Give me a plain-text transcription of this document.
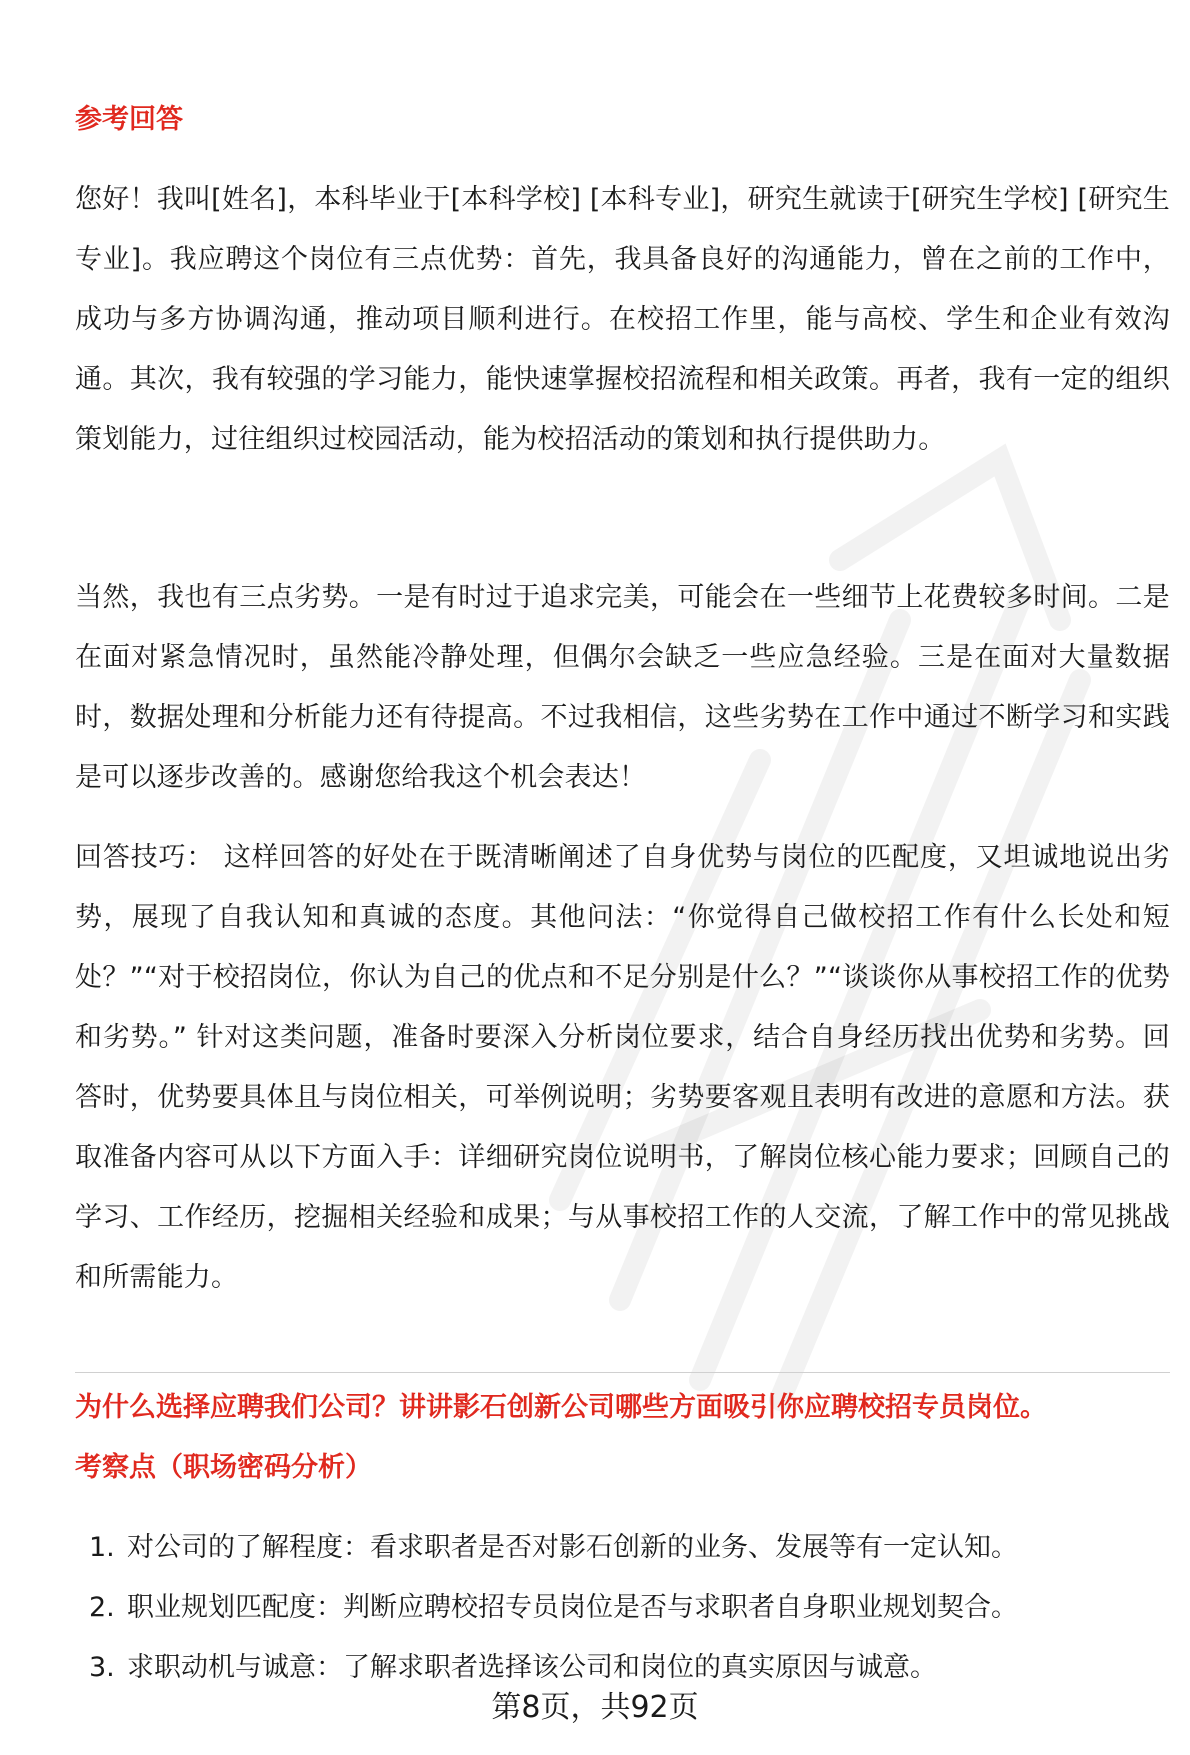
参考回答

您好！我叫[姓名]，本科毕业于[本科学校] [本科专业]，研究生就读于[研究生学校] [研究生专业]。我应聘这个岗位有三点优势：首先，我具备良好的沟通能力，曾在之前的工作中，成功与多方协调沟通，推动项目顺利进行。在校招工作里，能与高校、学生和企业有效沟通。其次，我有较强的学习能力，能快速掌握校招流程和相关政策。再者，我有一定的组织策划能力，过往组织过校园活动，能为校招活动的策划和执行提供助力。

当然，我也有三点劣势。一是有时过于追求完美，可能会在一些细节上花费较多时间。二是在面对紧急情况时，虽然能冷静处理，但偶尔会缺乏一些应急经验。三是在面对大量数据时，数据处理和分析能力还有待提高。不过我相信，这些劣势在工作中通过不断学习和实践是可以逐步改善的。感谢您给我这个机会表达！

回答技巧： 这样回答的好处在于既清晰阐述了自身优势与岗位的匹配度，又坦诚地说出劣势，展现了自我认知和真诚的态度。其他问法：“你觉得自己做校招工作有什么长处和短处？”“对于校招岗位，你认为自己的优点和不足分别是什么？”“谈谈你从事校招工作的优势和劣势。” 针对这类问题，准备时要深入分析岗位要求，结合自身经历找出优势和劣势。回答时，优势要具体且与岗位相关，可举例说明；劣势要客观且表明有改进的意愿和方法。获取准备内容可从以下方面入手：详细研究岗位说明书，了解岗位核心能力要求；回顾自己的学习、工作经历，挖掘相关经验和成果；与从事校招工作的人交流，了解工作中的常见挑战和所需能力。

为什么选择应聘我们公司？讲讲影石创新公司哪些方面吸引你应聘校招专员岗位。
考察点（职场密码分析）
1. 对公司的了解程度：看求职者是否对影石创新的业务、发展等有一定认知。
2. 职业规划匹配度：判断应聘校招专员岗位是否与求职者自身职业规划契合。
3. 求职动机与诚意：了解求职者选择该公司和岗位的真实原因与诚意。
第8页，共92页
